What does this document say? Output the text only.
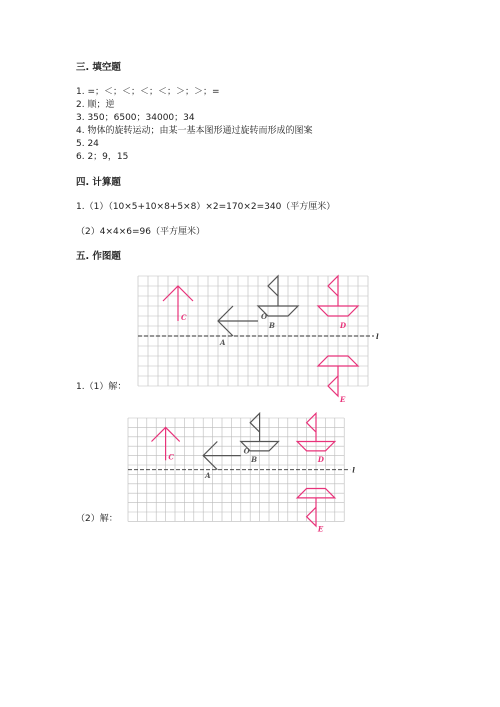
三. 填空题
1. =；＜；＜；＜；＜；＞；＞；=
2. 顺；逆
3. 350；6500；34000；34
4. 物体的旋转运动；由某一基本图形通过旋转而形成的图案
5. 24
6. 2；9，15
四. 计算题
1.（1）（10×5+10×8+5×8）×2=170×2=340（平方厘米）
（2）4×4×6=96（平方厘米）
五. 作图题
1.（1）解：
（2）解：
l
C
A
O
B	D
E
l
C
A
O
B	D
E
